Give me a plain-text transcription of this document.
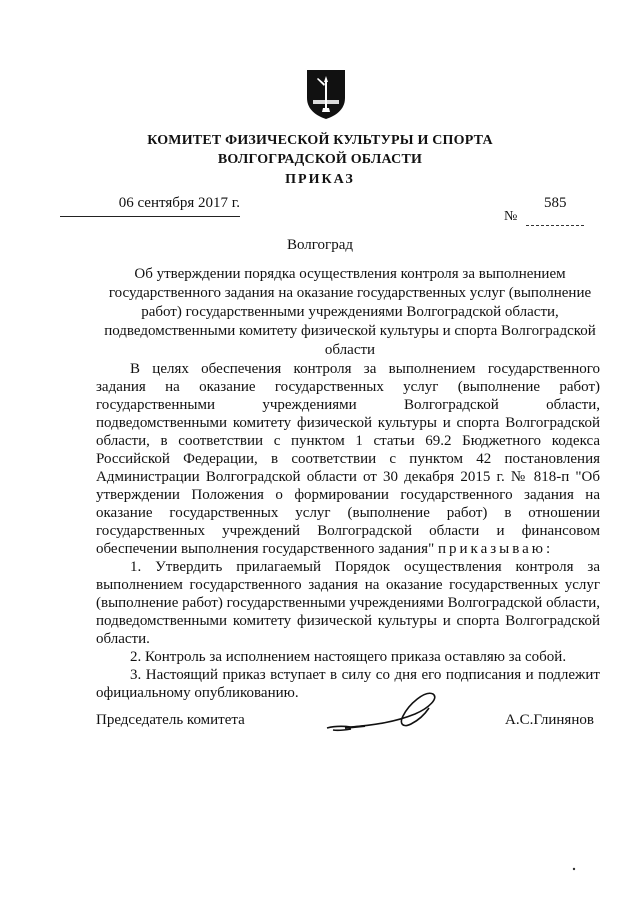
КОМИТЕТ ФИЗИЧЕСКОЙ КУЛЬТУРЫ И СПОРТА
ВОЛГОГРАДСКОЙ ОБЛАСТИ
ПРИКАЗ
06 сентября 2017 г.
№
585
Волгоград
Об утверждении порядка осуществления контроля за выполнением государственного задания на оказание государственных услуг (выполнение работ) государственными учреждениями Волгоградской области, подведомственными комитету физической культуры и спорта Волгоградской области

В целях обеспечения контроля за выполнением государственного задания на оказание государственных услуг (выполнение работ) государственными учреждениями Волгоградской области, подведомственными комитету физической культуры и спорта Волгоградской области, в соответствии с пунктом 1 статьи 69.2 Бюджетного кодекса Российской Федерации, в соответствии с пунктом 42 постановления Администрации Волгоградской области от 30 декабря 2015 г. № 818-п "Об утверждении Положения о формировании государственного задания на оказание государственных услуг (выполнение работ) в отношении государственных учреждений Волгоградской области и финансовом обеспечении выполнения государственного задания" приказываю:

1. Утвердить прилагаемый Порядок осуществления контроля за выполнением государственного задания на оказание государственных услуг (выполнение работ) государственными учреждениями Волгоградской области, подведомственными комитету физической культуры и спорта Волгоградской области.

2. Контроль за исполнением настоящего приказа оставляю за собой.

3. Настоящий приказ вступает в силу со дня его подписания и подлежит официальному опубликованию.

Председатель комитета	А.С.Глинянов
